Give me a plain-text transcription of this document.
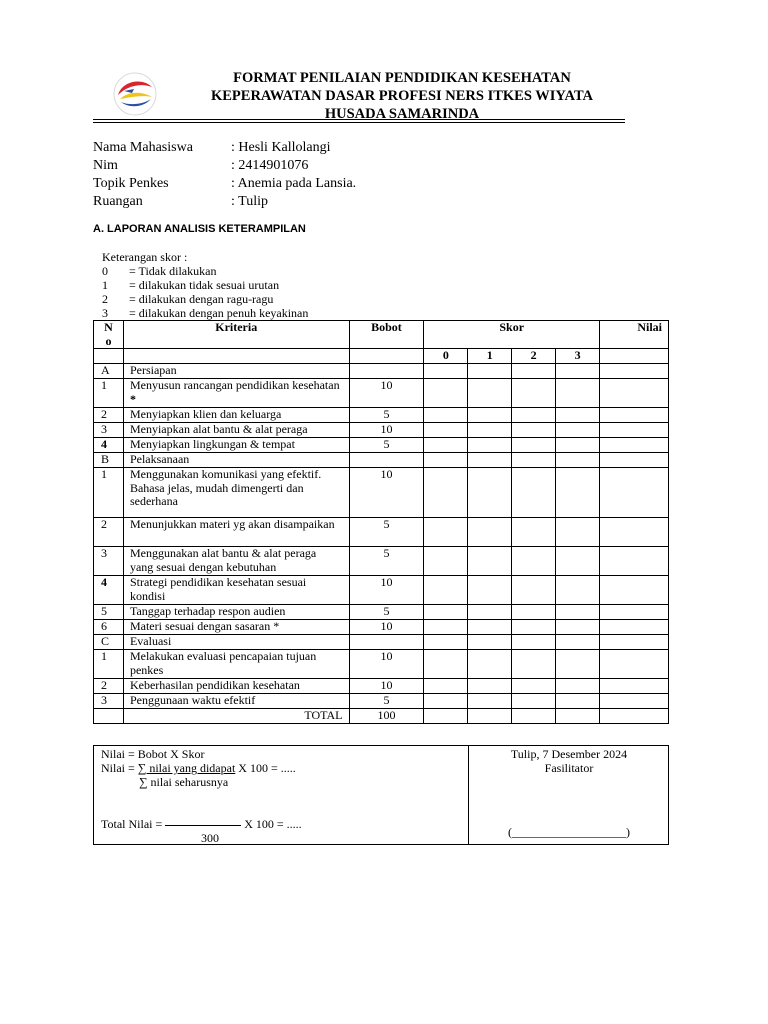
FORMAT PENILAIAN PENDIDIKAN KESEHATAN
KEPERAWATAN DASAR PROFESI NERS ITKES WIYATA
HUSADA SAMARINDA
Nama Mahasiswa	: Hesli Kallolangi
Nim	: 2414901076
Topik Penkes	: Anemia pada Lansia.
Ruangan	: Tulip
A. LAPORAN ANALISIS KETERAMPILAN
Keterangan skor :
0 = Tidak dilakukan
1 = dilakukan tidak sesuai urutan
2 = dilakukan dengan ragu-ragu
3 = dilakukan dengan penuh keyakinan
No	Kriteria	Bobot	Skor				Nilai
			0	1	2	3	
A	Persiapan						
1	Menyusun rancangan pendidikan kesehatan *	10					
2	Menyiapkan klien dan keluarga	5					
3	Menyiapkan alat bantu & alat peraga	10					
4	Menyiapkan lingkungan & tempat	5					
B	Pelaksanaan						
1	Menggunakan komunikasi yang efektif. Bahasa jelas, mudah dimengerti dan sederhana	10					
2	Menunjukkan materi yg akan disampaikan	5					
3	Menggunakan alat bantu & alat peraga yang sesuai dengan kebutuhan	5					
4	Strategi pendidikan kesehatan sesuai kondisi	10					
5	Tanggap terhadap respon audien	5					
6	Materi sesuai dengan sasaran *	10					
C	Evaluasi						
1	Melakukan evaluasi pencapaian tujuan penkes	10					
2	Keberhasilan pendidikan kesehatan	10					
3	Penggunaan waktu efektif	5					
	TOTAL	100					
Nilai = Bobot X Skor
Nilai = ∑ nilai yang didapat X 100 = .....
∑ nilai seharusnya
Total Nilai =	X 100 = .....
300
Tulip, 7 Desember 2024
Fasilitator
(___________________)
